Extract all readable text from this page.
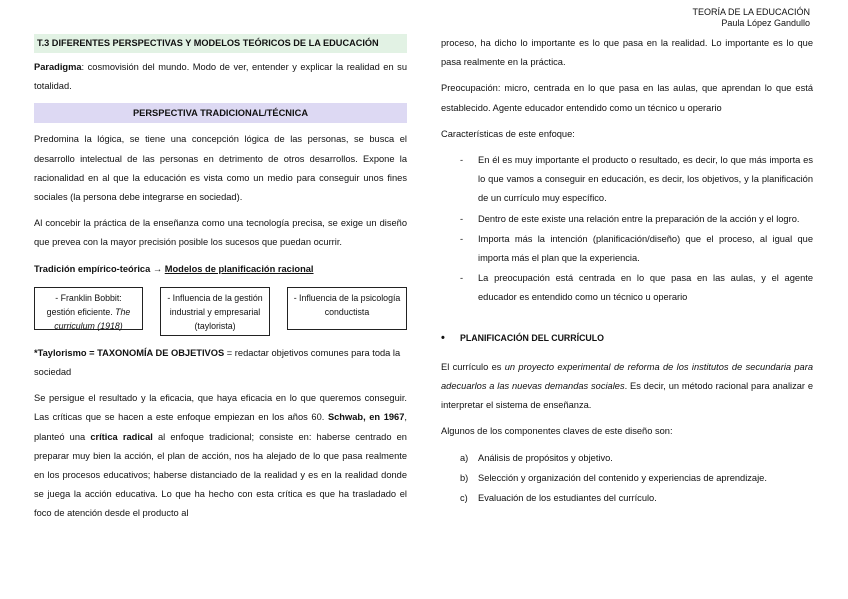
TEORÍA DE LA EDUCACIÓN
Paula López Gandullo
T.3 DIFERENTES PERSPECTIVAS Y MODELOS TEÓRICOS DE LA EDUCACIÓN

Paradigma: cosmovisión del mundo. Modo de ver, entender y explicar la realidad en su totalidad.

PERSPECTIVA TRADICIONAL/TÉCNICA

Predomina la lógica, se tiene una concepción lógica de las personas, se busca el desarrollo intelectual de las personas en detrimento de otros desarrollos. Expone la racionalidad en al que la educación es vista como un medio para conseguir unos fines sociales (la persona debe integrarse en sociedad).

Al concebir la práctica de la enseñanza como una tecnología precisa, se exige un diseño que prevea con la mayor precisión posible los sucesos que puedan ocurrir.

Tradición empírico-teórica → Modelos de planificación racional
- Franklin Bobbit:
gestión eficiente. The curriculum (1918)
- Influencia de la gestión industrial y empresarial (taylorista)
- Influencia de la psicología conductista

*Taylorismo = TAXONOMÍA DE OBJETIVOS = redactar objetivos comunes para toda la sociedad

Se persigue el resultado y la eficacia, que haya eficacia en lo que queremos conseguir. Las críticas que se hacen a este enfoque empiezan en los años 60. Schwab, en 1967, planteó una crítica radical al enfoque tradicional; consiste en: haberse centrado en preparar muy bien la acción, el plan de acción, nos ha alejado de lo que pasa realmente en los procesos educativos; haberse distanciado de la realidad y es en la realidad donde se juega la acción educativa. Lo que ha hecho con esta crítica es que ha trasladado el foco de atención desde el producto al

proceso, ha dicho lo importante es lo que pasa en la realidad. Lo importante es lo que pasa realmente en la práctica.

Preocupación: micro, centrada en lo que pasa en las aulas, que aprendan lo que está establecido. Agente educador entendido como un técnico u operario

Características de este enfoque:

- En él es muy importante el producto o resultado, es decir, lo que más importa es lo que vamos a conseguir en educación, es decir, los objetivos, y la planificación de un currículo muy específico.
- Dentro de este existe una relación entre la preparación de la acción y el logro.
- Importa más la intención (planificación/diseño) que el proceso, al igual que importa más el plan que la experiencia.
- La preocupación está centrada en lo que pasa en las aulas, y el agente educador es entendido como un técnico u operario
• PLANIFICACIÓN DEL CURRÍCULO

El currículo es un proyecto experimental de reforma de los institutos de secundaria para adecuarlos a las nuevas demandas sociales. Es decir, un método racional para analizar e interpretar el sistema de enseñanza.

Algunos de los componentes claves de este diseño son:

a) Análisis de propósitos y objetivo.
b) Selección y organización del contenido y experiencias de aprendizaje.
c) Evaluación de los estudiantes del currículo.
